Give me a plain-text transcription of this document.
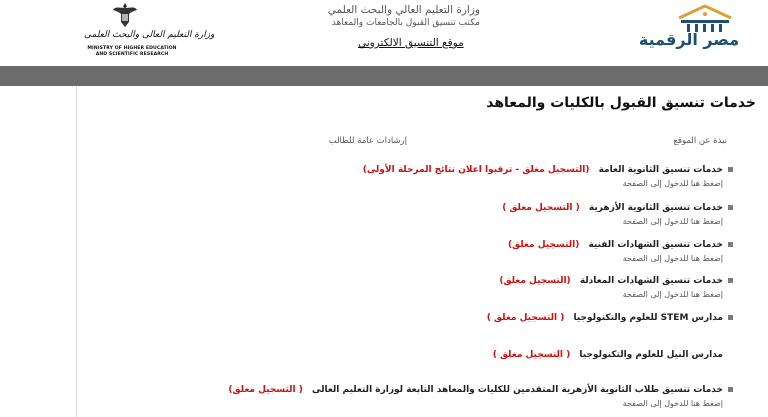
وزارة التعليم العالى والبحث العلمى
MINISTRY OF HIGHER EDUCATION AND SCIENTIFIC RESEARCH
وزارة التعليم العالي والبحث العلمي
مكتب تنسيق القبول بالجامعات والمعاهد
موقع التنسيق الالكتروني	مصر الرقمية
خدمات تنسيق القبول بالكليات والمعاهد
نبذة عن الموقع
إرشادات عامة للطالب
خدمات تنسيق الثانوية العامة (التسجيل مغلق - ترقبوا اعلان نتائج المرحلة الأولى)
إضغط هنا للدخول إلى الصفحة
خدمات تنسيق الثانوية الأزهرية ( التسجيل مغلق )
إضغط هنا للدخول إلى الصفحة
خدمات تنسيق الشهادات الفنية (التسجيل مغلق)
إضغط هنا للدخول إلى الصفحة
خدمات تنسيق الشهادات المعادلة (التسجيل مغلق)
إضغط هنا للدخول إلى الصفحة
مدارس STEM للعلوم والتكنولوجيا ( التسجيل مغلق )
مدارس النيل للعلوم والتكنولوجيا ( التسجيل مغلق )
خدمات تنسيق طلاب الثانوية الأزهرية المتقدمين للكليات والمعاهد التابعة لوزارة التعليم العالى ( التسجيل مغلق)
إضغط هنا للدخول إلى الصفحة
